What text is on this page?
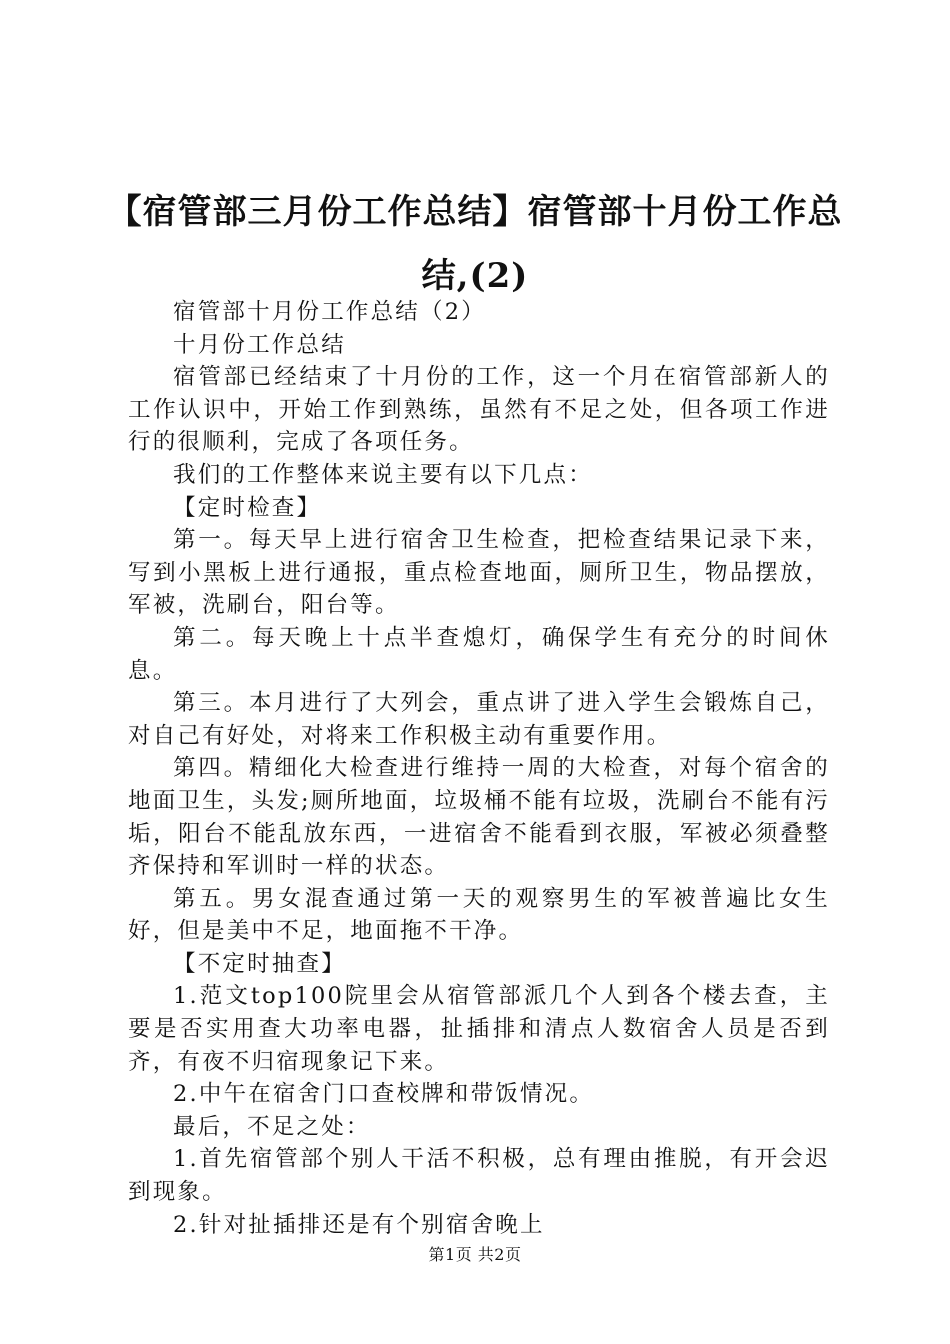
【宿管部三月份工作总结】宿管部十月份工作总结,(2)

宿管部十月份工作总结（2）

十月份工作总结

宿管部已经结束了十月份的工作，这一个月在宿管部新人的工作认识中，开始工作到熟练，虽然有不足之处，但各项工作进行的很顺利，完成了各项任务。

我们的工作整体来说主要有以下几点：

【定时检查】

第一。每天早上进行宿舍卫生检查，把检查结果记录下来，写到小黑板上进行通报，重点检查地面，厕所卫生，物品摆放，军被，洗刷台，阳台等。

第二。每天晚上十点半查熄灯，确保学生有充分的时间休息。

第三。本月进行了大列会，重点讲了进入学生会锻炼自己，对自己有好处，对将来工作积极主动有重要作用。

第四。精细化大检查进行维持一周的大检查，对每个宿舍的地面卫生，头发;厕所地面，垃圾桶不能有垃圾，洗刷台不能有污垢，阳台不能乱放东西，一进宿舍不能看到衣服，军被必须叠整齐保持和军训时一样的状态。

第五。男女混查通过第一天的观察男生的军被普遍比女生好，但是美中不足，地面拖不干净。

【不定时抽查】

1.范文top100院里会从宿管部派几个人到各个楼去查，主要是否实用查大功率电器，扯插排和清点人数宿舍人员是否到齐，有夜不归宿现象记下来。

2.中午在宿舍门口查校牌和带饭情况。

最后，不足之处：

1.首先宿管部个别人干活不积极，总有理由推脱，有开会迟到现象。

2.针对扯插排还是有个别宿舍晚上

第1页 共2页
